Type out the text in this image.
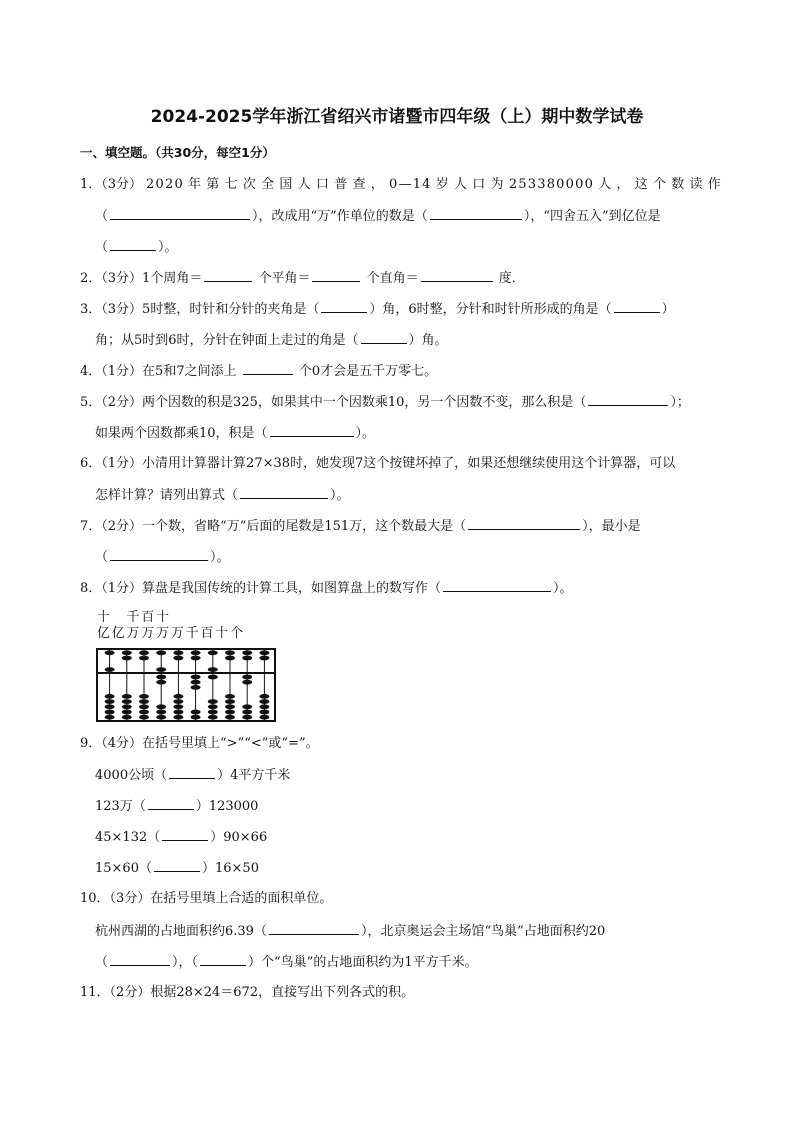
2024-2025学年浙江省绍兴市诸暨市四年级（上）期中数学试卷
一、填空题。（共30分，每空1分）
1．（3分） 2020年第七次全国人口普查，0—14岁人口为253380000人，这个数读作
（	），改成用“万”作单位的数是（	），“四舍五入”到亿位是
（	）。
2．（3分）1个周角＝	个平角＝	个直角＝	度．
3．（3分）5时整，时针和分针的夹角是（	）角，6时整，分针和时针所形成的角是（	）
角；从5时到6时，分针在钟面上走过的角是（	）角。
4．（1分）在5和7之间添上	个0才会是五千万零七。
5．（2分）两个因数的积是325，如果其中一个因数乘10，另一个因数不变，那么积是（	）；
如果两个因数都乘10，积是（	）。
6．（1分）小清用计算器计算27×38时，她发现7这个按键坏掉了，如果还想继续使用这个计算器，可以
怎样计算？请列出算式（	）。
7．（2分）一个数，省略“万”后面的尾数是151万，这个数最大是（	），最小是
（	）。
8．（1分）算盘是我国传统的计算工具，如图算盘上的数写作（	）。
十 千 百 十
亿 亿 万 万 万 万 千 百 十 个
9．（4分）在括号里填上“>”“<”或“=”。
4000公顷（	）4平方千米
123万（	）123000
45×132（	）90×66
15×60（	）16×50
10．（3分）在括号里填上合适的面积单位。
杭州西湖的占地面积约6.39（	），北京奥运会主场馆“鸟巢”占地面积约20
（	），（	）个“鸟巢”的占地面积约为1平方千米。
11．（2分）根据28×24＝672，直接写出下列各式的积。
